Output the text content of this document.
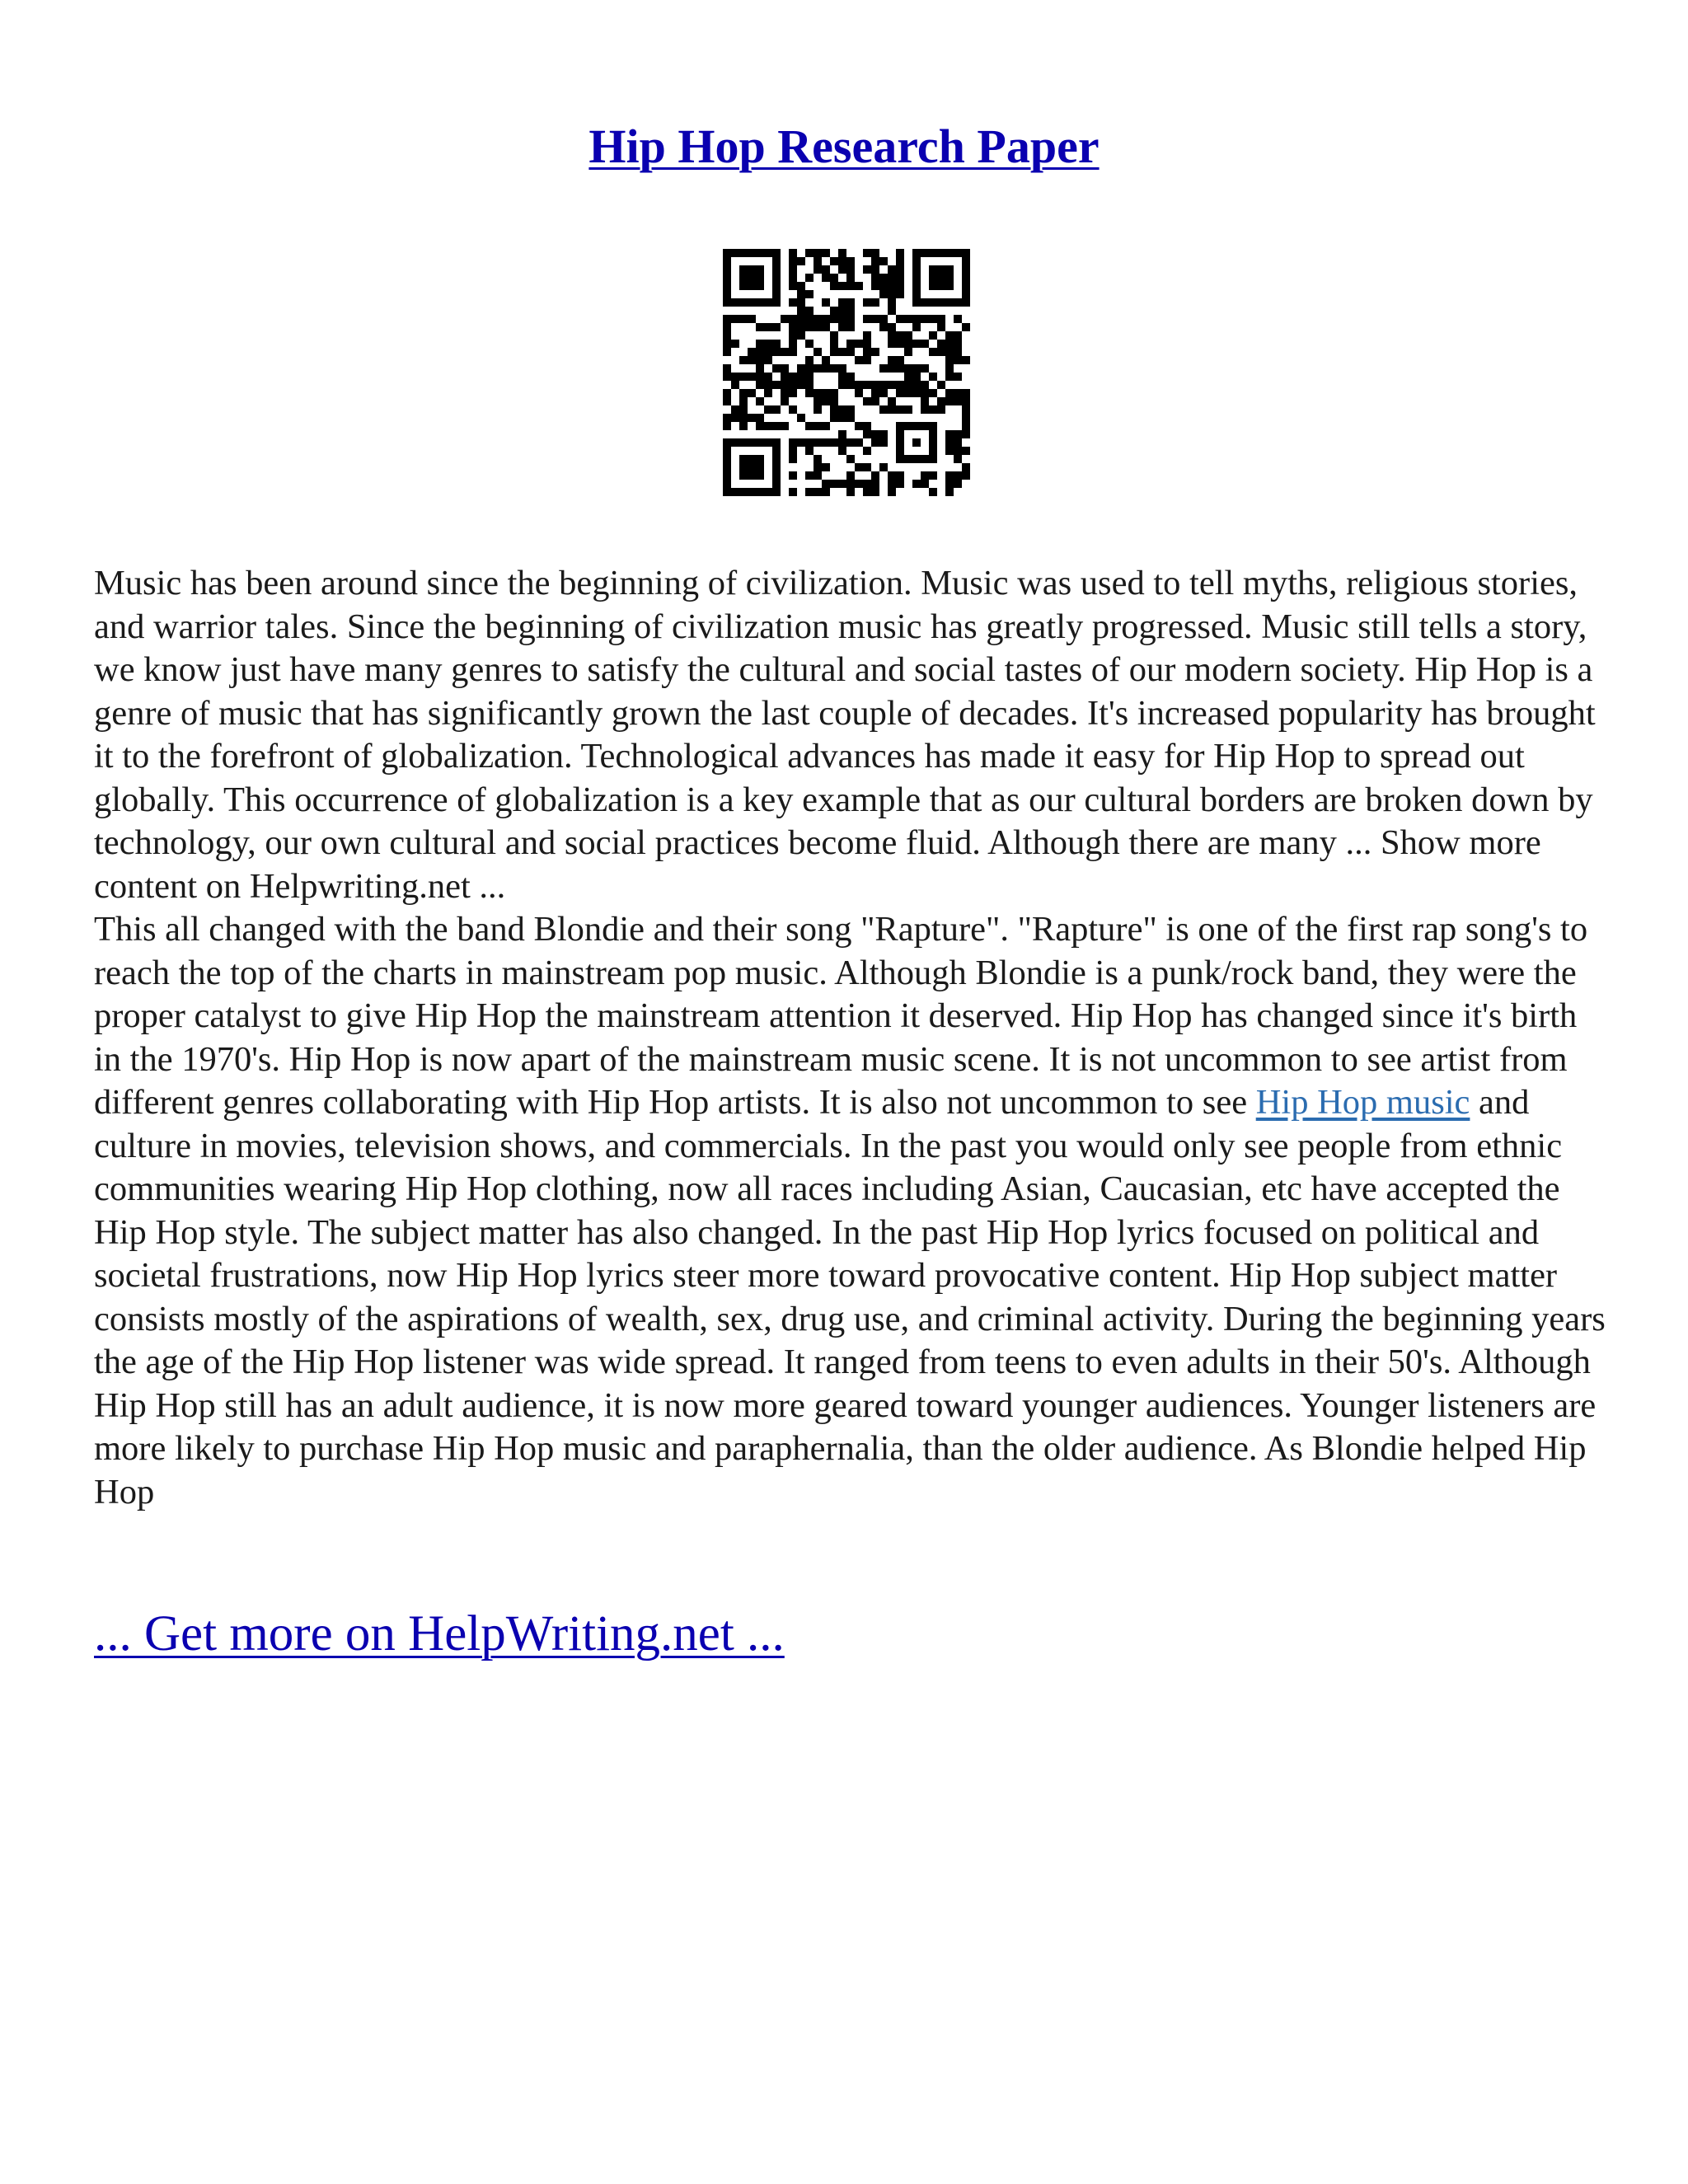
Hip Hop Research Paper

Music has been around since the beginning of civilization. Music was used to tell myths, religious stories, and warrior tales. Since the beginning of civilization music has greatly progressed. Music still tells a story, we know just have many genres to satisfy the cultural and social tastes of our modern society. Hip Hop is a genre of music that has significantly grown the last couple of decades. It's increased popularity has brought it to the forefront of globalization. Technological advances has made it easy for Hip Hop to spread out globally. This occurrence of globalization is a key example that as our cultural borders are broken down by technology, our own cultural and social practices become fluid. Although there are many ... Show more content on Helpwriting.net ...

This all changed with the band Blondie and their song "Rapture". "Rapture" is one of the first rap song's to reach the top of the charts in mainstream pop music. Although Blondie is a punk/rock band, they were the proper catalyst to give Hip Hop the mainstream attention it deserved. Hip Hop has changed since it's birth in the 1970's. Hip Hop is now apart of the mainstream music scene. It is not uncommon to see artist from different genres collaborating with Hip Hop artists. It is also not uncommon to see Hip Hop music and culture in movies, television shows, and commercials. In the past you would only see people from ethnic communities wearing Hip Hop clothing, now all races including Asian, Caucasian, etc have accepted the Hip Hop style. The subject matter has also changed. In the past Hip Hop lyrics focused on political and societal frustrations, now Hip Hop lyrics steer more toward provocative content. Hip Hop subject matter consists mostly of the aspirations of wealth, sex, drug use, and criminal activity. During the beginning years the age of the Hip Hop listener was wide spread. It ranged from teens to even adults in their 50's. Although Hip Hop still has an adult audience, it is now more geared toward younger audiences. Younger listeners are more likely to purchase Hip Hop music and paraphernalia, than the older audience. As Blondie helped Hip Hop

... Get more on HelpWriting.net ...
